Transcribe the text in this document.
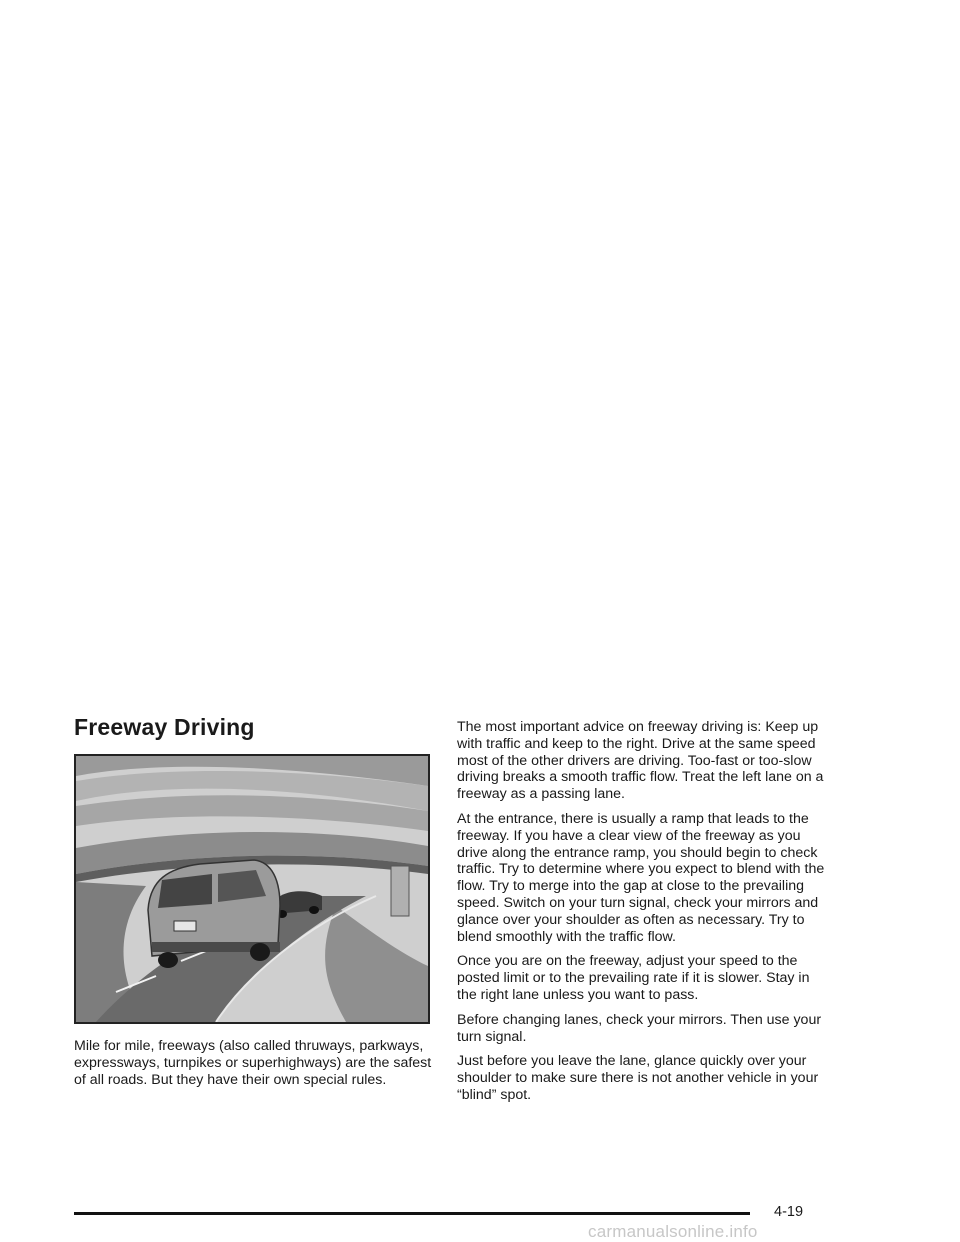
Freeway Driving

Mile for mile, freeways (also called thruways, parkways, expressways, turnpikes or superhighways) are the safest of all roads. But they have their own special rules.

The most important advice on freeway driving is: Keep up with traffic and keep to the right. Drive at the same speed most of the other drivers are driving. Too-fast or too-slow driving breaks a smooth traffic flow. Treat the left lane on a freeway as a passing lane.

At the entrance, there is usually a ramp that leads to the freeway. If you have a clear view of the freeway as you drive along the entrance ramp, you should begin to check traffic. Try to determine where you expect to blend with the flow. Try to merge into the gap at close to the prevailing speed. Switch on your turn signal, check your mirrors and glance over your shoulder as often as necessary. Try to blend smoothly with the traffic flow.

Once you are on the freeway, adjust your speed to the posted limit or to the prevailing rate if it is slower. Stay in the right lane unless you want to pass.

Before changing lanes, check your mirrors. Then use your turn signal.

Just before you leave the lane, glance quickly over your shoulder to make sure there is not another vehicle in your “blind” spot.

4-19
carmanualsonline.info
